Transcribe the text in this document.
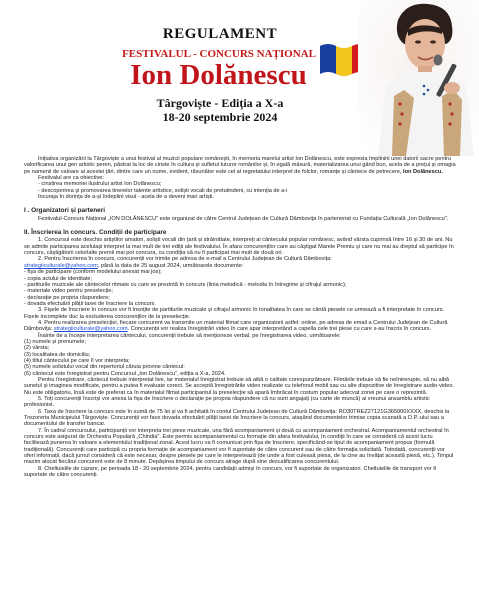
REGULAMENT
FESTIVALUL - CONCURS NAȚIONAL
Ion Dolănescu
Târgoviște - Ediția a X-a
18-20 septembrie 2024

Inițiativa organizării la Târgoviște a unui festival al muzicii populare românești, în memoria marelui artist Ion Dolănescu, este expresia împlinirii unei datorii sacre pentru valorificarea unui gen artistic peren, păstrat la loc de cinste în cultura și sufletul tuturor românilor și, în egală măsură, materializarea unui gând bun, acela de a prețui și omagia pe oamenii de valoare ai acestei țări, dintre care un nume, evident, răsunător este cel al regretatului interpret de folclor, romanțe și cântece de petrecere, Ion Dolănescu.

Festivalul are ca obiective:

- cinstirea memoriei ilustrului artist Ion Dolănescu;

- descoperirea și promovarea tinerelor talente artistice, soliști vocali de pretutindeni, cu intenția de a-i

încuraja în dorința de a-și îndeplini visul - acela de a deveni mari artiști.

I . Organizatori și parteneri

Festivalul-Concurs Național „ION DOLĂNESCU" este organizat de către Centrul Județean de Cultură Dâmbovița în parteneriat cu Fundația Culturală „Ion Dolănescu".

II. Înscrierea în concurs. Condiții de participare

1. Concursul este deschis artiștilor amatori, soliști vocali din țară și străinătate, interpreți ai cântecului popular românesc, având vârsta cuprinsă între 16 și 30 de ani. Nu se admite participarea aceluiași interpret la mai mult de trei ediții ale festivalului. În afara concurenților care au câștigat Marele Premiu și care nu mai au dreptul să participe în concurs, câștigătorii celorlalte premii mai pot concura, cu condiția să nu fi participat mai mult de două ori.

2. Pentru înscrierea în concurs, concurenții vor trimite pe adresa de e-mail a Centrului Județean de Cultură Dâmbovița:

strategiiculturale@yahoo.com, până la data de 25 august 2024, următoarele documente:

- fișa de participare (conform modelului anexat mai jos);

- copia actului de identitate;

- partiturile muzicale ale cântecelor ritmate cu care se prezintă în concurs (linia melodică - melodia în întregime și cifrajul armonic);

- materiale video pentru preselecție;

- declarație pe propria răspundere;

- dovada efectuării plății taxei de înscriere la concurs.

3. Fișele de înscriere în concurs vor fi însoțite de partiturile muzicale și cifrajul armonic în tonalitatea în care se cântă piesele ce urmează a fi interpretate în concurs. Fișele incomplete duc la excluderea concurenților de la preselecție.

4. Pentru realizarea preselecției, fiecare concurent va transmite un material filmat care organizatorii astfel: online, pe adresa de email a Centrului Județean de Cultură Dâmbovița: strategiiculturale@yahoo.com. Concurenții vor realiza înregistrări video în care apar interpretând a capella cele trei piese cu care s-au înscris în concurs.

Înainte de a începe interpretarea cântecului, concurenții trebuie să menționeze verbal, pe înregistrarea video, următoarele:

(1) numele și prenumele;

(2) vârsta;

(3) localitatea de domiciliu;

(4) titlul cântecului pe care îl vor interpreta;

(5) numele solistului vocal din repertoriul căruia provine cântecul:

(6) cântecul este înregistrat pentru Concursul „Ion Dolănescu", ediția a X-a, 2024.

Pentru înregistrare, cântecul trebuie interpretat live, iar materialul înregistrat trebuie să aibă o calitate corespunzătoare. Filmările trebuie să fie neîntrerupte, să nu aibă sunetul și imaginea modificate, pentru a putea fi evaluate corect. Se acceptă înregistrările video realizate cu telefonul mobil sau cu alte dispozitive de înregistrare audio-video. Nu este obligatoriu, însă este de preferat ca în materialul filmat participantul la preselecție să apară îmbrăcat în costum popular adecvat zonei pe care o reprezintă.

5. Toți concurenții înscriși vor anexa la fișa de înscriere o declarație pe propria răspundere că nu sunt angajați (cu carte de muncă) ai vreunui ansamblu artistic profesionist.

6. Taxa de înscriere la concurs este în sumă de 75 lei și va fi achitată în contul Centrului Județean de Cultură Dâmbovița: RO30TREZ27121G365000XXXX, deschis la Trezoreria Municipiului Târgoviște. Concurenții vor face dovada efectuării plății taxei de înscriere la concurs, atașând documentelor trimise copia scanată a O.P.-ului sau a documentului de transfer bancar.

7. În cadrul concursului, participanții vor interpreta trei piese muzicale, una fără acompaniament și două cu acompaniament orchestral. Acompaniamentul orchestral în concurs este asigurat de Orchestra Populară „Chindia". Este permis acompaniamentul cu formație din afara festivalului, în condiții în care se consideră că acest lucru facilitează punerea în valoare a elementului tradițional zonal. Acest lucru va fi comunicat prin fișa de înscriere, specificând-se tipul de acompaniament propus (formulă tradițională). Concurenții care participă cu propria formație de acompaniament vor fi suportate de către concurent sau de către formația solicitată. Totodată, concurenții vor oferi informații, dacă jurnul consideră că este necesar, despre piesele pe care le interpretează (de unde a fost culeasă piesa, de la cine au învățat această piesă, etc.). Timpul maxim alocat fiecărui concurent este de 8 minute. Depășirea timpului de concurs atrage după sine descalificarea concurentului.

8. Cheltuielile de cazare, pe perioada 18 - 20 septembrie 2024, pentru candidații admiși în concurs, vor fi suportate de organizatori. Cheltuielile de transport vor fi suportate de către concurenți.
